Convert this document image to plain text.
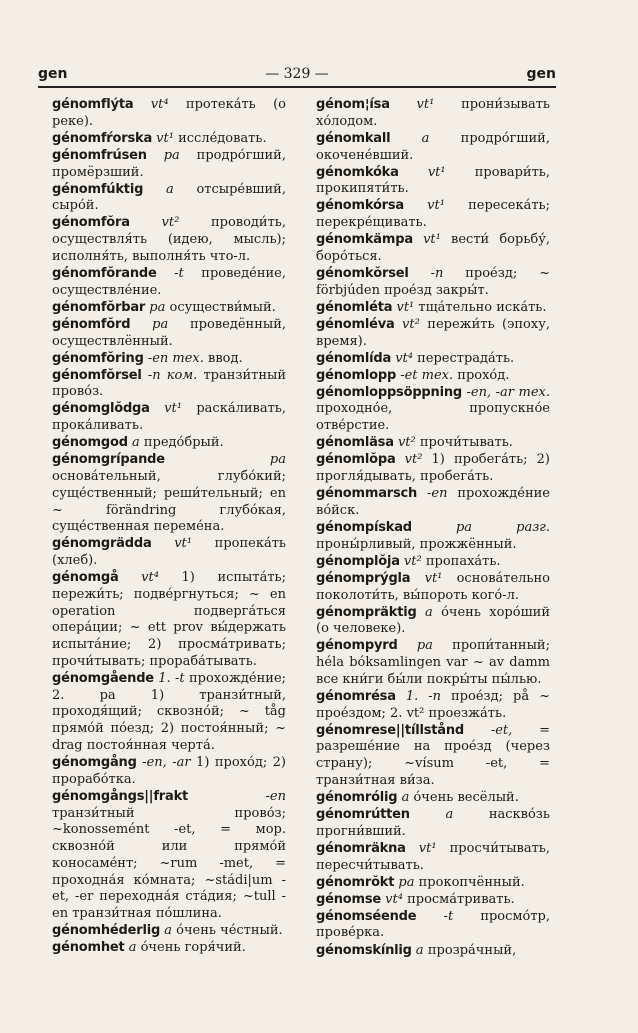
— 329 —
gen	gen

génomflýta vt⁴ протека́ть (о реке).

génomfŕorska vt¹ иссле́довать.

génomfrúsen pa продро́гший, промёрзший.

génomfúktig a отсыре́вший, сыро́й.

génomfŏra vt² проводи́ть, осуществля́ть (идею, мысль); исполня́ть, выполня́ть что-л.

génomfŏrande -t проведе́ние, осуществле́ние.

génomfŏrbar pa осуществи́мый.

génomfŏrd pa проведённый, осуществлённый.

génomfŏring -en тех. ввод.

génomfŏrsel -n ком. транзи́тный прово́з.

génomglŏdga vt¹ раска́ливать, прока́ливать.

génomgod a предо́брый.

génomgrípande	pa основа́тельный, глубо́кий; суще́ственный; реши́тельный; en ~ förändring глубо́кая, суще́ственная переме́на.

génomgrädda vt¹ пропека́ть (хлеб).

génomgå vt⁴ 1) испыта́ть; пережи́ть; подве́ргнуться; ~ en operation подверга́ться опера́ции; ~ ett prov вы́держать испыта́ние; 2) просма́тривать; прочи́тывать; прораба́тывать.

génomgående 1. -t прохожде́ние; 2. pa 1) транзи́тный, проходя́щий; сквозно́й; ~ tåg прямо́й по́езд; 2) постоя́нный; ~ drag постоя́нная черта́.

génomgång -en, -ar 1) прохо́д; 2) прорабо́тка.

génomgångs||frakt	-en транзи́тный прово́з; ~konossemént -et, = мор. сквозно́й или прямо́й коносаме́нт; ~rum -met, = проходна́я ко́мната; ~stádi|um -et, -er переходна́я ста́дия; ~tull -en транзи́тная по́шлина.

génomhéderlig a о́чень че́стный.

génomhet a о́чень горя́чий.

génom¦ísa vt¹ прони́зывать хо́лодом.

génomkall a продро́гший, окочене́вший.

génomkóka vt¹ провари́ть, прокипяти́ть.

génomkórsa vt¹ пересека́ть; перекре́щивать.

génomkämpa vt¹ вести́ борьбу́, боро́ться.

génomkŏrsel -n прое́зд; ~ förbjúden прое́зд закры́т.

génomléta vt¹ тща́тельно иска́ть.

génomléva vt² пережи́ть (эпоху, время).

génomlída vt⁴ перестрада́ть.

génomlopp -et тех. прохо́д.

génomloppsöppning -en, -ar тех. проходно́е, пропускно́е отве́рстие.

génomläsa vt² прочи́тывать.

génomlŏpa vt² 1) пробега́ть; 2) прогля́дывать, пробега́ть.

génommarsch -en прохожде́ние во́йск.

génompískad	pa разг. проны́рливый, прожжённый.

génomplŏja vt² пропаха́ть.

génomprýgla vt¹ основа́тельно поколоти́ть, вы́пороть кого́-л.

génompräktig a о́чень хоро́ший (о человеке).

génompyrd pa пропи́танный; héla bóksamlingen var ~ av damm все кни́ги бы́ли покры́ты пы́лью.

génomrésa 1. -n прое́зд; på ~ прое́здом; 2. vt² проезжа́ть.

génomrese||tíllstånd -et, = разреше́ние на прое́зд (через страну); ~vísum -et, = транзи́тная ви́за.

génomrólig a о́чень весёлый.

génomrútten	a	наскво́зь прогни́вший.

génomräkna vt¹ просчи́тывать, пересчи́тывать.

génomrŏkt pa прокопчённый.

génomse vt⁴ просма́тривать.

génomséende -t просмо́тр, прове́рка.

génomskínlig a прозра́чный,
